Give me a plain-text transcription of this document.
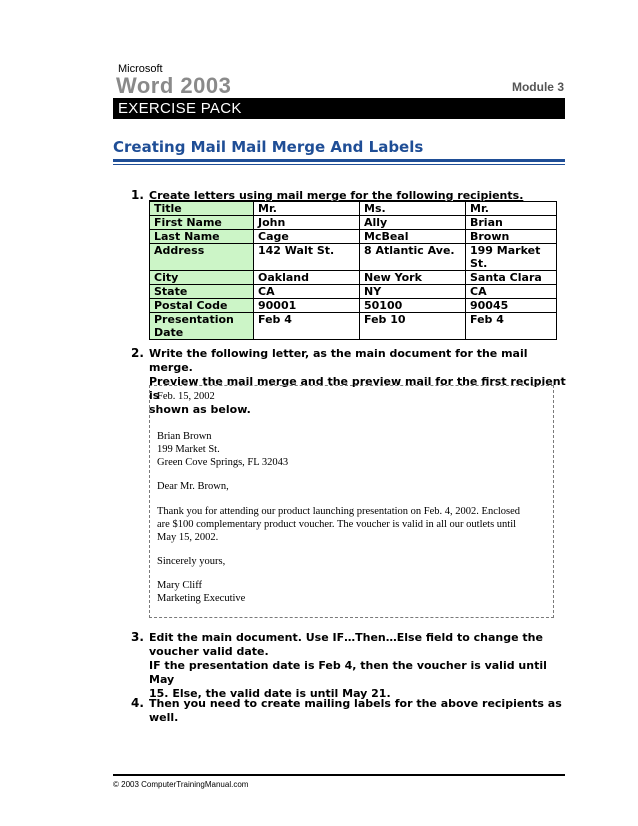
Microsoft
Word 2003	Module 3
EXERCISE PACK
Creating Mail Mail Merge And Labels
1. Create letters using mail merge for the following recipients.
Title	Mr.	Ms.	Mr.

First Name	John	Ally	Brian

Last Name	Cage	McBeal	Brown

Address	142 Walt St.	8 Atlantic Ave.	199 Market
St.

City	Oakland	New York	Santa Clara

State	CA	NY	CA

Postal Code	90001	50100	90045

Presentation
Date	Feb 4	Feb 10	Feb 4
2. Write the following letter, as the main document for the mail merge.
Preview the mail merge and the preview mail for the first recipient is
shown as below.
Feb. 15, 2002
Brian Brown
199 Market St.
Green Cove Springs, FL 32043
Dear Mr. Brown,
Thank you for attending our product launching presentation on Feb. 4, 2002. Enclosed
are $100 complementary product voucher. The voucher is valid in all our outlets until
May 15, 2002.
Sincerely yours,
Mary Cliff
Marketing Executive
3. Edit the main document. Use IF…Then…Else field to change the
voucher valid date.
IF the presentation date is Feb 4, then the voucher is valid until May
15. Else, the valid date is until May 21.
4. Then you need to create mailing labels for the above recipients as
well.
© 2003 ComputerTrainingManual.com
